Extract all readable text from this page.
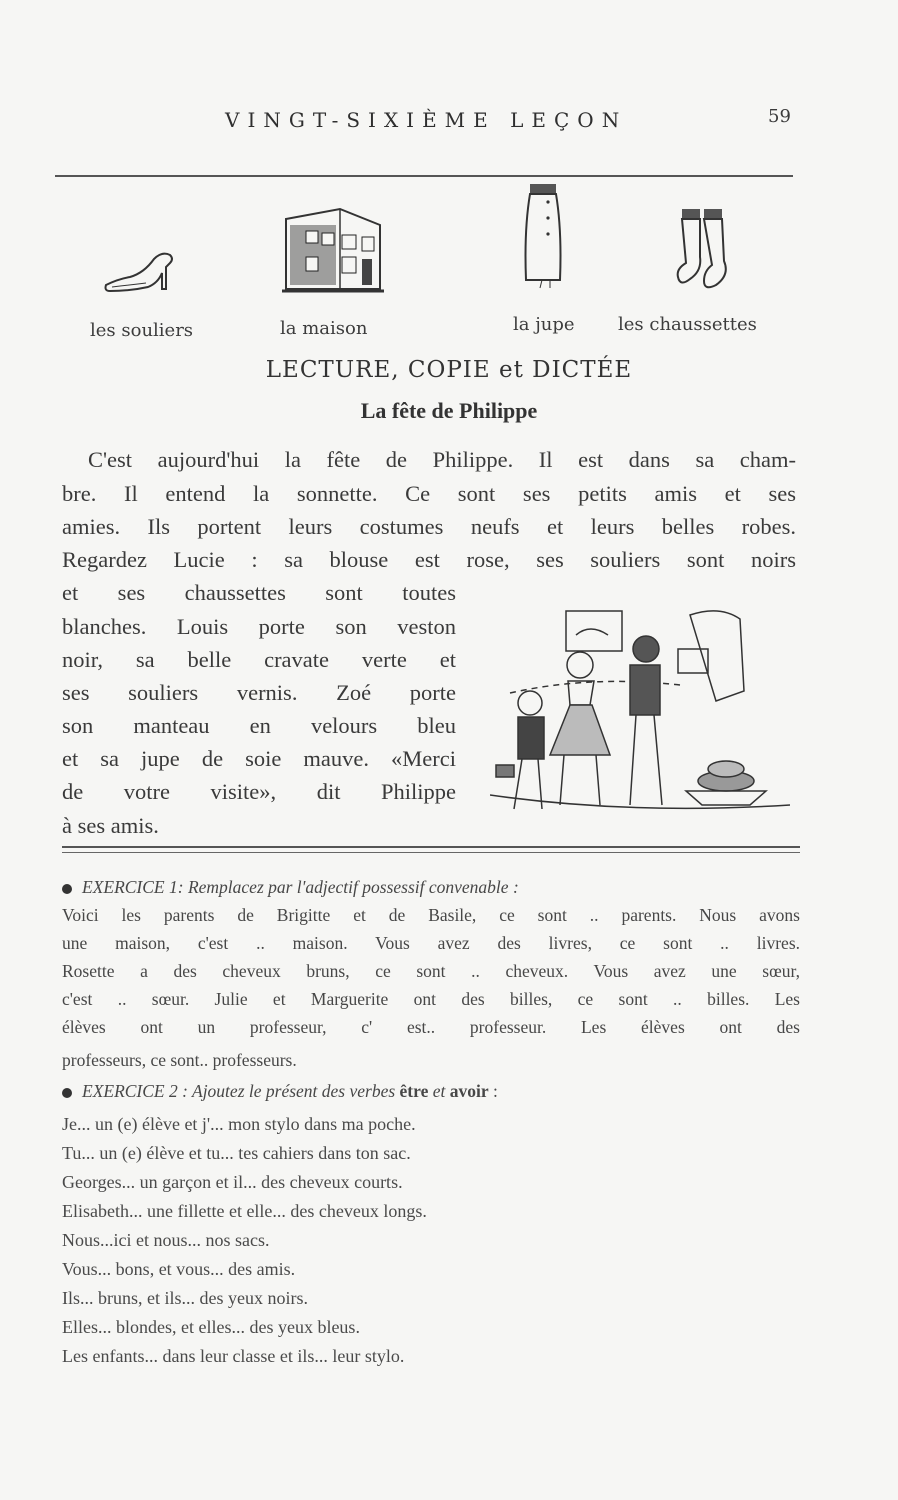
VINGT-SIXIÈME LEÇON	59
les souliers	la maison	la jupe les chaussettes
LECTURE, COPIE et DICTÉE
La fête de Philippe
C'est aujourd'hui la fête de Philippe. Il est dans sa cham-
bre. Il entend la sonnette. Ce sont ses petits amis et ses
amies. Ils portent leurs costumes neufs et leurs belles robes.
Regardez Lucie : sa blouse est rose, ses souliers sont noirs
et ses chaussettes sont toutes
blanches. Louis porte son veston
noir, sa belle cravate verte et
ses souliers vernis. Zoé porte
son manteau en velours bleu
et sa jupe de soie mauve. «Merci
de votre visite», dit Philippe
à ses amis.
EXERCICE 1: Remplacez par l'adjectif possessif convenable :
Voici les parents de Brigitte et de Basile, ce sont .. parents. Nous avons
une maison, c'est .. maison. Vous avez des livres, ce sont .. livres.
Rosette a des cheveux bruns, ce sont .. cheveux. Vous avez une sœur,
c'est .. sœur. Julie et Marguerite ont des billes, ce sont .. billes. Les
élèves ont un professeur, c' est.. professeur. Les élèves ont des
professeurs, ce sont.. professeurs.
EXERCICE 2 : Ajoutez le présent des verbes être et avoir :
Je... un (e) élève et j'... mon stylo dans ma poche.
Tu... un (e) élève et tu... tes cahiers dans ton sac.
Georges... un garçon et il... des cheveux courts.
Elisabeth... une fillette et elle... des cheveux longs.
Nous...ici et nous... nos sacs.
Vous... bons, et vous... des amis.
Ils... bruns, et ils... des yeux noirs.
Elles... blondes, et elles... des yeux bleus.
Les enfants... dans leur classe et ils... leur stylo.
